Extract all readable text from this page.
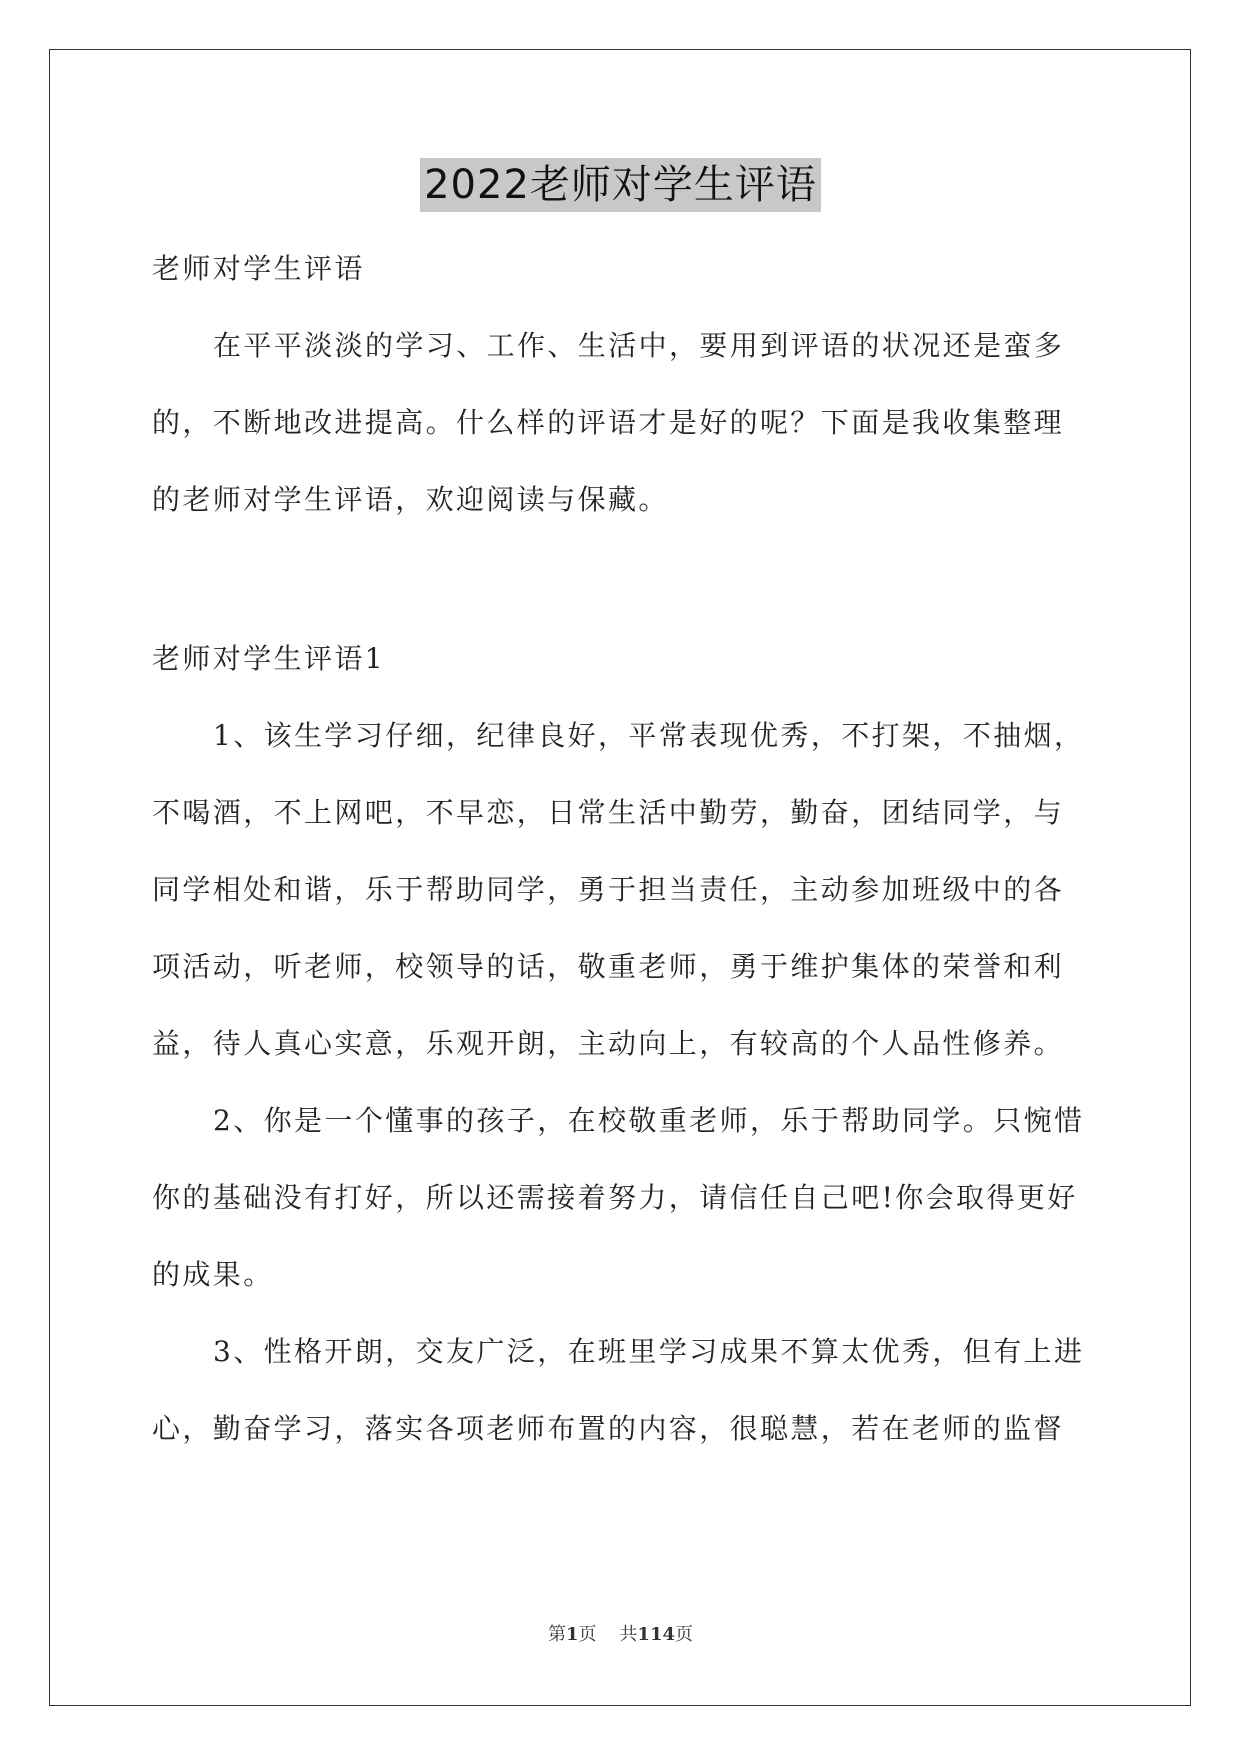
2022老师对学生评语
老师对学生评语
在平平淡淡的学习、工作、生活中，要用到评语的状况还是蛮多
的，不断地改进提高。什么样的评语才是好的呢？下面是我收集整理
的老师对学生评语，欢迎阅读与保藏。
老师对学生评语1
1、该生学习仔细，纪律良好，平常表现优秀，不打架，不抽烟，
不喝酒，不上网吧，不早恋，日常生活中勤劳，勤奋，团结同学，与
同学相处和谐，乐于帮助同学，勇于担当责任，主动参加班级中的各
项活动，听老师，校领导的话，敬重老师，勇于维护集体的荣誉和利
益，待人真心实意，乐观开朗，主动向上，有较高的个人品性修养。
2、你是一个懂事的孩子，在校敬重老师，乐于帮助同学。只惋惜
你的基础没有打好，所以还需接着努力，请信任自己吧!你会取得更好
的成果。
3、性格开朗，交友广泛，在班里学习成果不算太优秀，但有上进
心，勤奋学习，落实各项老师布置的内容，很聪慧，若在老师的监督
第1页 共114页
